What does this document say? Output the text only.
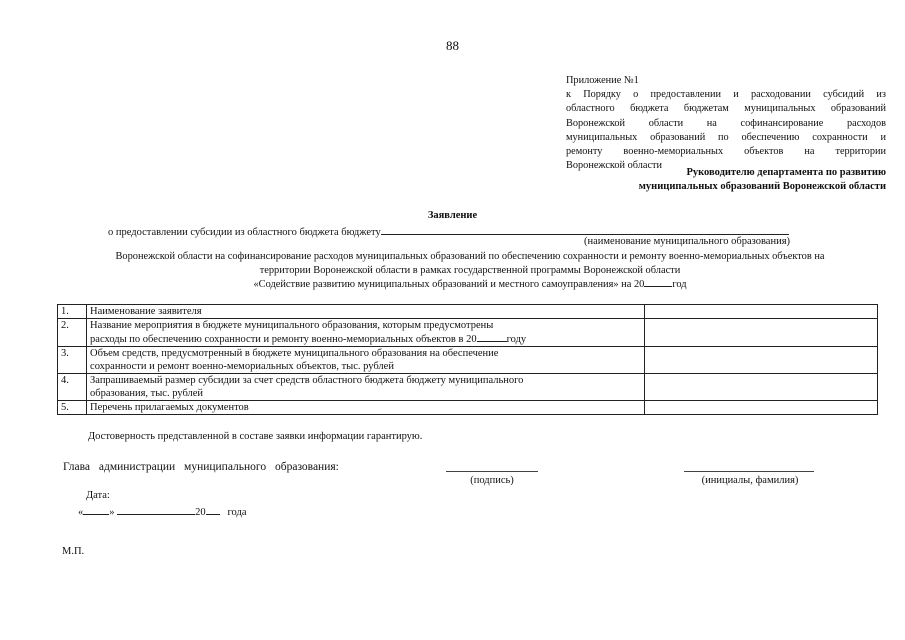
88
Приложение №1
к Порядку о предоставлении и расходовании субсидий из
областного бюджета бюджетам муниципальных образований
Воронежской области на софинансирование расходов
муниципальных образований по обеспечению сохранности и
ремонту военно-мемориальных объектов на территории
Воронежской области
Руководителю департамента по развитию
муниципальных образований Воронежской области
Заявление
о предоставлении субсидии из областного бюджета бюджету
(наименование муниципального образования)
Воронежской области на софинансирование расходов муниципальных образований по обеспечению сохранности и ремонту военно-мемориальных объектов на
территории Воронежской области в рамках государственной программы Воронежской области
«Содействие развитию муниципальных образований и местного самоуправления» на 20	год
1.	Наименование заявителя	
2.	Название мероприятия в бюджете муниципального образования, которым предусмотрены
расходы по обеспечению сохранности и ремонту военно-мемориальных объектов в 20 году	

3.	Объем средств, предусмотренный в бюджете муниципального образования на обеспечение
сохранности и ремонт военно-мемориальных объектов, тыс. рублей	

4.	Запрашиваемый размер субсидии за счет средств областного бюджета бюджету муниципального
образования, тыс. рублей	

5.	Перечень прилагаемых документов	
Достоверность представленной в составе заявки информации гарантирую.
Глава администрации муниципального образования:
(подпись)	(инициалы, фамилия)
Дата:
« »	20 года
М.П.
